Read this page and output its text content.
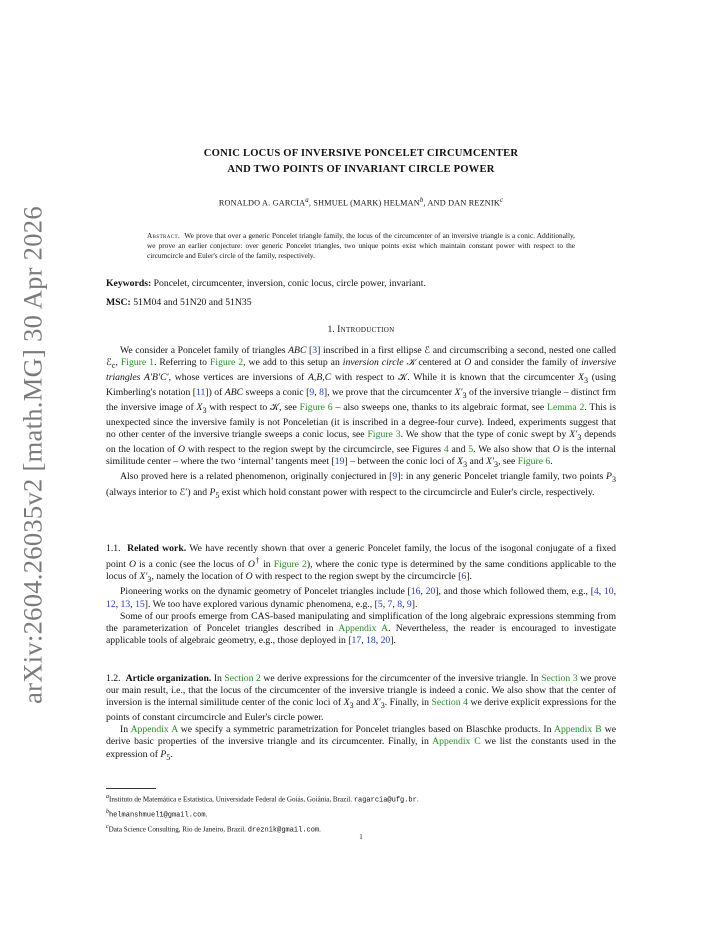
arXiv:2604.26035v2 [math.MG] 30 Apr 2026
CONIC LOCUS OF INVERSIVE PONCELET CIRCUMCENTER
AND TWO POINTS OF INVARIANT CIRCLE POWER
RONALDO A. GARCIA$^a$, SHMUEL (MARK) HELMAN$^b$, AND DAN REZNIK$^c$
Abstract. We prove that over a generic Poncelet triangle family, the locus of the circumcenter of an inversive triangle is a conic. Additionally, we prove an earlier conjecture: over generic Poncelet triangles, two unique points exist which maintain constant power with respect to the circumcircle and Euler's circle of the family, respectively.
Keywords: Poncelet, circumcenter, inversion, conic locus, circle power, invariant.
MSC: 51M04 and 51N20 and 51N35
1. Introduction

We consider a Poncelet family of triangles ABC [3] inscribed in a first ellipse ℰ and circumscribing a second, nested one called ℰ$_c$, Figure 1. Referring to Figure 2, we add to this setup an inversion circle 𝒦 centered at O and consider the family of inversive triangles A′B′C′, whose vertices are inversions of A,B,C with respect to 𝒦. While it is known that the circumcenter $X_3$ (using Kimberling's notation [11]) of ABC sweeps a conic [9, 8], we prove that the circumcenter $X'_3$ of the inversive triangle – distinct frm the inversive image of $X_3$ with respect to 𝒦, see Figure 6 – also sweeps one, thanks to its algebraic format, see Lemma 2. This is unexpected since the inversive family is not Ponceletian (it is inscribed in a degree-four curve). Indeed, experiments suggest that no other center of the inversive triangle sweeps a conic locus, see Figure 3. We show that the type of conic swept by $X'_3$ depends on the location of O with respect to the region swept by the circumcircle, see Figures 4 and 5. We also show that O is the internal similitude center – where the two ‘internal’ tangents meet [19] – between the conic loci of $X_3$ and $X'_3$, see Figure 6.

Also proved here is a related phenomenon, originally conjectured in [9]: in any generic Poncelet triangle family, two points $P_3$ (always interior to ℰ′) and $P_5$ exist which hold constant power with respect to the circumcircle and Euler's circle, respectively.

1.1. Related work. We have recently shown that over a generic Poncelet family, the locus of the isogonal conjugate of a fixed point O is a conic (see the locus of O† in Figure 2), where the conic type is determined by the same conditions applicable to the locus of $X'_3$, namely the location of O with respect to the region swept by the circumcircle [6].

Pioneering works on the dynamic geometry of Poncelet triangles include [16, 20], and those which followed them, e.g., [4, 10, 12, 13, 15]. We too have explored various dynamic phenomena, e.g., [5, 7, 8, 9].

Some of our proofs emerge from CAS-based manipulating and simplification of the long algebraic expressions stemming from the parameterization of Poncelet triangles described in Appendix A. Nevertheless, the reader is encouraged to investigate applicable tools of algebraic geometry, e.g., those deployed in [17, 18, 20].

1.2. Article organization. In Section 2 we derive expressions for the circumcenter of the inversive triangle. In Section 3 we prove our main result, i.e., that the locus of the circumcenter of the inversive triangle is indeed a conic. We also show that the center of inversion is the internal similitude center of the conic loci of $X_3$ and $X'_3$. Finally, in Section 4 we derive explicit expressions for the points of constant circumcircle and Euler's circle power.

In Appendix A we specify a symmetric parametrization for Poncelet triangles based on Blaschke products. In Appendix B we derive basic properties of the inversive triangle and its circumcenter. Finally, in Appendix C we list the constants used in the expression of $P_5$.

$^a$Instituto de Matemática e Estatística, Universidade Federal de Goiás, Goiânia, Brazil. ragarcia@ufg.br.

$^b$helmanshmuel1@gmail.com.

$^c$Data Science Consulting, Rio de Janeiro, Brazil. dreznik@gmail.com.

1
